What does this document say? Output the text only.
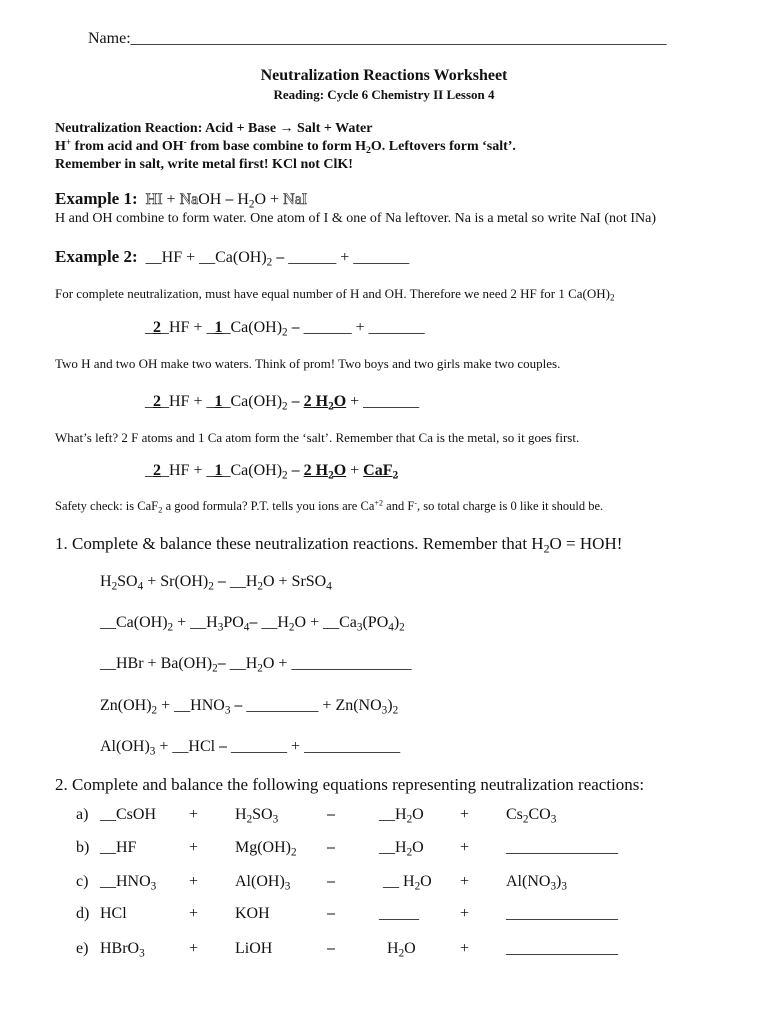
Name:___________________________________________________________________
Neutralization Reactions Worksheet
Reading: Cycle 6 Chemistry II Lesson 4
Neutralization Reaction: Acid + Base → Salt + Water
H+ from acid and OH- from base combine to form $H_2O$. Leftovers form ‘salt’.
Remember in salt, write metal first! KCl not ClK!
Example 1: HI + NaOH ⎯ $H_2O$ + NaI
H and OH combine to form water. One atom of I & one of Na leftover. Na is a metal so write NaI (not INa)
Example 2: __HF + $\_\_Ca(OH)_2$ ⎯ ______ + _______
For complete neutralization, must have equal number of H and OH. Therefore we need 2 HF for 1 $Ca(OH)_2$
_2_HF + $\_1\_Ca(OH)_2$ ⎯ ______ + _______
Two H and two OH make two waters. Think of prom! Two boys and two girls make two couples.
_2_HF + $\_1\_Ca(OH)_2$ ⎯ 2 $H_2O$ + _______
What’s left? 2 F atoms and 1 Ca atom form the ‘salt’. Remember that Ca is the metal, so it goes first.
_2_HF + $\_1\_Ca(OH)_2$ ⎯ 2 $H_2O + CaF_2$
Safety check: is CaF$_2$ a good formula? P.T. tells you ions are $Ca^{+2}$ and F-, so total charge is 0 like it should be.
1. Complete & balance these neutralization reactions. Remember that $H_2O$ = HOH!
$H_2SO_4 + Sr(OH)_2$ ⎯ $\_\_H_2O$ + SrSO$_4$
$\_\_Ca(OH)_2$ + $\_\_H_3PO_4⎯$ $\_\_H_2O$ + $\_\_Ca_3(PO_4)_2$
__HBr + $Ba(OH)_2⎯$ $\_\_H_2O$ + _______________
$Zn(OH)_2$ + $\_\_HNO_3$ ⎯ _________ + $Zn(NO_3)_2$
$Al(OH)_3$ + __HCl ⎯ _______ + ____________
2. Complete and balance the following equations representing neutralization reactions:
a) __CsOH + $H_2SO_3$	⎯	$\_\_H_2O + Cs_2CO_3$
b) __HF	+ $Mg(OH)_2$ ⎯	$\_\_H_2O$ + ______________
c) $\_\_HNO_3 + Al(OH)_3$ ⎯	__ $H_2O + Al(NO_3)_3$
d) HCl	+ KOH	⎯	_____	+ ______________
e) HBrO$_3$	+ LiOH	⎯	$H_2O$	+ ______________
